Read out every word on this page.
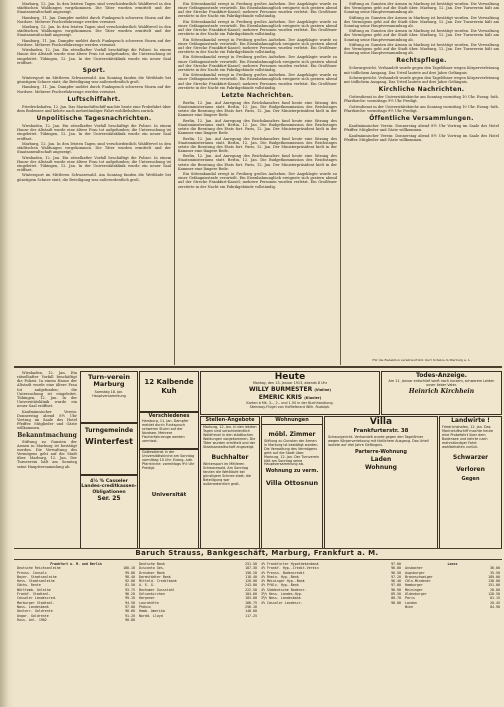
Marburg, 12. Jan. In den letzten Tagen sind verschiedentlich Waldfrevel in den städtischen Waldungen vorgekommen. Die Täter wurden ermittelt und der Staatsanwaltschaft angezeigt.

Hamburg, 11. Jan. Dampfer meldet durch Funkspruch schweren Sturm auf der Nordsee. Mehrere Fischerfahrzeuge werden vermisst.

Marburg, 12. Jan. In den letzten Tagen sind verschiedentlich Waldfrevel in den städtischen Waldungen vorgekommen. Die Täter wurden ermittelt und der Staatsanwaltschaft angezeigt.

Hamburg, 11. Jan. Dampfer meldet durch Funkspruch schweren Sturm auf der Nordsee. Mehrere Fischerfahrzeuge werden vermisst.

Wiesbaden, 12. Jan. Ein rätselhafter Vorfall beschäftigt die Polizei. In einem Hause der Altstadt wurde eine ältere Frau tot aufgefunden; die Untersuchung ist eingeleitet. Tübingen, 12. Jan. In der Universitätsklinik wurde ein neuer Saal eröffnet.

Sport.

Wintersport im Mittleren Schwarzwald. Am Sonntag fanden die Wettläufe bei günstigem Schnee statt; die Beteiligung war außerordentlich groß.

Hamburg, 11. Jan. Dampfer meldet durch Funkspruch schweren Sturm auf der Nordsee. Mehrere Fischerfahrzeuge werden vermisst.

Luftschiffahrt.

Friedrichshafen, 12. Jan. Das Marineluftschiff machte heute eine Probefahrt über dem Bodensee und kehrte nach mehrstündiger Fahrt wohlbehalten zurück.

Unpolitische Tagesnachrichten.

Wiesbaden, 12. Jan. Ein rätselhafter Vorfall beschäftigt die Polizei. In einem Hause der Altstadt wurde eine ältere Frau tot aufgefunden; die Untersuchung ist eingeleitet. Tübingen, 12. Jan. In der Universitätsklinik wurde ein neuer Saal eröffnet.

Marburg, 12. Jan. In den letzten Tagen sind verschiedentlich Waldfrevel in den städtischen Waldungen vorgekommen. Die Täter wurden ermittelt und der Staatsanwaltschaft angezeigt.

Wiesbaden, 12. Jan. Ein rätselhafter Vorfall beschäftigt die Polizei. In einem Hause der Altstadt wurde eine ältere Frau tot aufgefunden; die Untersuchung ist eingeleitet. Tübingen, 12. Jan. In der Universitätsklinik wurde ein neuer Saal eröffnet.

Wintersport im Mittleren Schwarzwald. Am Sonntag fanden die Wettläufe bei günstigem Schnee statt; die Beteiligung war außerordentlich groß.

Ein Sittenskandal erregt in Freiburg großes Aufsehen. Der Angeklagte wurde zu einer Gefängnisstrafe verurteilt. Ein Eisenbahnunglück ereignete sich gestern abend auf der Strecke Frankfurt-Kassel; mehrere Personen wurden verletzt. Ein Großfeuer zerstörte in der Nacht ein Fabrikgebäude vollständig.

Ein Sittenskandal erregt in Freiburg großes Aufsehen. Der Angeklagte wurde zu einer Gefängnisstrafe verurteilt. Ein Eisenbahnunglück ereignete sich gestern abend auf der Strecke Frankfurt-Kassel; mehrere Personen wurden verletzt. Ein Großfeuer zerstörte in der Nacht ein Fabrikgebäude vollständig.

Ein Sittenskandal erregt in Freiburg großes Aufsehen. Der Angeklagte wurde zu einer Gefängnisstrafe verurteilt. Ein Eisenbahnunglück ereignete sich gestern abend auf der Strecke Frankfurt-Kassel; mehrere Personen wurden verletzt. Ein Großfeuer zerstörte in der Nacht ein Fabrikgebäude vollständig.

Ein Sittenskandal erregt in Freiburg großes Aufsehen. Der Angeklagte wurde zu einer Gefängnisstrafe verurteilt. Ein Eisenbahnunglück ereignete sich gestern abend auf der Strecke Frankfurt-Kassel; mehrere Personen wurden verletzt. Ein Großfeuer zerstörte in der Nacht ein Fabrikgebäude vollständig.

Ein Sittenskandal erregt in Freiburg großes Aufsehen. Der Angeklagte wurde zu einer Gefängnisstrafe verurteilt. Ein Eisenbahnunglück ereignete sich gestern abend auf der Strecke Frankfurt-Kassel; mehrere Personen wurden verletzt. Ein Großfeuer zerstörte in der Nacht ein Fabrikgebäude vollständig.

Letzte Nachrichten.

Berlin, 12. Jan. Auf Anregung des Reichskanzlers fand heute eine Sitzung des Staatsministeriums statt. Berlin, 12. Jan. Die Budgetkommission des Reichstages setzte die Beratung des Etats fort. Paris, 12. Jan. Der Ministerpräsident hielt in der Kammer eine längere Rede.

Berlin, 12. Jan. Auf Anregung des Reichskanzlers fand heute eine Sitzung des Staatsministeriums statt. Berlin, 12. Jan. Die Budgetkommission des Reichstages setzte die Beratung des Etats fort. Paris, 12. Jan. Der Ministerpräsident hielt in der Kammer eine längere Rede.

Berlin, 12. Jan. Auf Anregung des Reichskanzlers fand heute eine Sitzung des Staatsministeriums statt. Berlin, 12. Jan. Die Budgetkommission des Reichstages setzte die Beratung des Etats fort. Paris, 12. Jan. Der Ministerpräsident hielt in der Kammer eine längere Rede.

Berlin, 12. Jan. Auf Anregung des Reichskanzlers fand heute eine Sitzung des Staatsministeriums statt. Berlin, 12. Jan. Die Budgetkommission des Reichstages setzte die Beratung des Etats fort. Paris, 12. Jan. Der Ministerpräsident hielt in der Kammer eine längere Rede.

Ein Sittenskandal erregt in Freiburg großes Aufsehen. Der Angeklagte wurde zu einer Gefängnisstrafe verurteilt. Ein Eisenbahnunglück ereignete sich gestern abend auf der Strecke Frankfurt-Kassel; mehrere Personen wurden verletzt. Ein Großfeuer zerstörte in der Nacht ein Fabrikgebäude vollständig.

Stiftung zu Gunsten der Armen in Marburg ist bestätigt worden. Die Verwaltung des Vermögens geht auf die Stadt über. Marburg, 12. Jan. Der Turnverein hält am Sonntag seine Hauptversammlung ab.

Stiftung zu Gunsten der Armen in Marburg ist bestätigt worden. Die Verwaltung des Vermögens geht auf die Stadt über. Marburg, 12. Jan. Der Turnverein hält am Sonntag seine Hauptversammlung ab.

Stiftung zu Gunsten der Armen in Marburg ist bestätigt worden. Die Verwaltung des Vermögens geht auf die Stadt über. Marburg, 12. Jan. Der Turnverein hält am Sonntag seine Hauptversammlung ab.

Stiftung zu Gunsten der Armen in Marburg ist bestätigt worden. Die Verwaltung des Vermögens geht auf die Stadt über. Marburg, 12. Jan. Der Turnverein hält am Sonntag seine Hauptversammlung ab.

Rechtspflege.

Schwurgericht. Verhandelt wurde gegen den Tagelöhner wegen Körperverletzung mit tödlichem Ausgang. Das Urteil lautete auf drei Jahre Gefängnis.

Schwurgericht. Verhandelt wurde gegen den Tagelöhner wegen Körperverletzung mit tödlichem Ausgang. Das Urteil lautete auf drei Jahre Gefängnis.

Kirchliche Nachrichten.

Gottesdienst in der Universitätskirche am Sonntag vormittag 10 Uhr. Evang.-luth. Pfarrkirche: vormittags 9½ Uhr Predigt.

Gottesdienst in der Universitätskirche am Sonntag vormittag 10 Uhr. Evang.-luth. Pfarrkirche: vormittags 9½ Uhr Predigt.

Öffentliche Versammlungen.

Kaufmännischer Verein: Donnerstag abend 8½ Uhr Vortrag im Saale des Hotel Pfeiffer. Mitglieder und Gäste willkommen.

Kaufmännischer Verein: Donnerstag abend 8½ Uhr Vortrag im Saale des Hotel Pfeiffer. Mitglieder und Gäste willkommen.

Für die Redaktion verantwortlich: Kurt Schulze in Marburg a. L.

Wiesbaden, 12. Jan. Ein rätselhafter Vorfall beschäftigt die Polizei. In einem Hause der Altstadt wurde eine ältere Frau tot aufgefunden; die Untersuchung ist eingeleitet. Tübingen, 12. Jan. In der Universitätsklinik wurde ein neuer Saal eröffnet.

Kaufmännischer Verein: Donnerstag abend 8½ Uhr Vortrag im Saale des Hotel Pfeiffer. Mitglieder und Gäste willkommen.

Bekanntmachung

Stiftung zu Gunsten der Armen in Marburg ist bestätigt worden. Die Verwaltung des Vermögens geht auf die Stadt über. Marburg, 12. Jan. Der Turnverein hält am Sonntag seine Hauptversammlung ab.

Turn-verein Marburg
Samstag 18. Jan. Hauptversammlung
Turngemeinde
Winterfest
4½ % Casseler Landes-creditkassen-Obligationen
Ser. 25
Verschiedenes
Hamburg, 11. Jan. Dampfer meldet durch Funkspruch schweren Sturm auf der Nordsee. Mehrere Fischerfahrzeuge werden vermisst.
Gottesdienst in der Universitätskirche am Sonntag vormittag 10 Uhr. Evang.-luth. Pfarrkirche: vormittags 9½ Uhr Predigt.
Universität
12 Kalbende Kuh
Heute
Montag, den 13. Januar 1913, abends 8 Uhr
WILLY BURMESTER (Violine)
EMERIC KRIS (Klavier)
Karten à Mk. 3.-, 2.- und 1.50 in der Buchhandlung.
Steinway-Flügel von Hoflieferant Wilh. Rudolph.
Todes-Anzeige.
Am 11. Januar entschlief sanft nach kurzem, schwerem Leiden unser lieber Vater.
Heinrich Kirchhein
Stellen-Angebote
Marburg, 12. Jan. In den letzten Tagen sind verschiedentlich Waldfrevel in den städtischen Waldungen vorgekommen. Die Täter wurden ermittelt und der Staatsanwaltschaft angezeigt.
Buchhalter
Wintersport im Mittleren Schwarzwald. Am Sonntag fanden die Wettläufe bei günstigem Schnee statt; die Beteiligung war außerordentlich groß.
Wohnungen
möbl. Zimmer
Stiftung zu Gunsten der Armen in Marburg ist bestätigt worden. Die Verwaltung des Vermögens geht auf die Stadt über. Marburg, 12. Jan. Der Turnverein hält am Sonntag seine Hauptversammlung ab.
Wohnung zu verm.
Villa Ottosnun
Villa
Frankfurterstr. 38
Schwurgericht. Verhandelt wurde gegen den Tagelöhner wegen Körperverletzung mit tödlichem Ausgang. Das Urteil lautete auf drei Jahre Gefängnis.
Parterre-Wohnung
Laden
Wohnung
Landwirte !
Friedrichshafen, 12. Jan. Das Marineluftschiff machte heute eine Probefahrt über dem Bodensee und kehrte nach mehrstündiger Fahrt wohlbehalten zurück.
Schwarzer
Verloren
Gegen
Baruch Strauss, Bankgeschäft, Marburg, Frankfurt a. M.
Frankfurt a. M. und Berlin
Deutsche Reichsanleihe	100.10
Preuss. Consols	99.80
Bayer. Staatsanleihe	98.40
Hess. Staatsanleihe	92.00
Sächs. Rente	81.50
Württemb. Anleihe	93.75
Frankf. Stadtanl.	96.20
Casseler Landescred.	99.10
Marburger Stadtanl.	94.50
Nass. Landesbank	97.00
Oesterr. Goldrente	98.60
Ungar. Goldrente	91.20
Russ. Anl. 1902	90.80
Deutsche Bank	251.50
Disconto Ges.	187.30
Dresdner Bank	156.20
Darmstädter Bank	118.40
Mitteld. Creditbank	120.00
A. E. G.	243.00
Bochumer Gussstahl	222.50
Gelsenkirchen	184.60
Harpener	183.00
Laurahütte	166.75
Phönix	256.10
Hamb. Amerika	148.00
Nordd. Lloyd	117.25
4% Frankfurter Hypothekenbank	97.00
4% Frankf. Hyp.-Credit-Verein	96.80
4% Preuss. Bodencredit	96.50
4% Rhein. Hyp.-Bank	97.20
4% Meininger Hyp.-Bank	96.40
4% Pfälz. Hyp.-Bank	97.00
4% Süddeutsche Bodencr.	96.90
3½% Hess. Landes-Hyp.	89.50
3½% Nass. Landesbank	88.70
4% Casseler Landescr.	98.00
Looss
Ansbacher	36.00
Augsburger	35.50
Braunschweiger	189.00
Cöln-Mindener	138.00
Hamburger	151.00
Meininger	28.60
Oldenburger	128.50
Paris	81.15
London	20.45
Wien	84.90
